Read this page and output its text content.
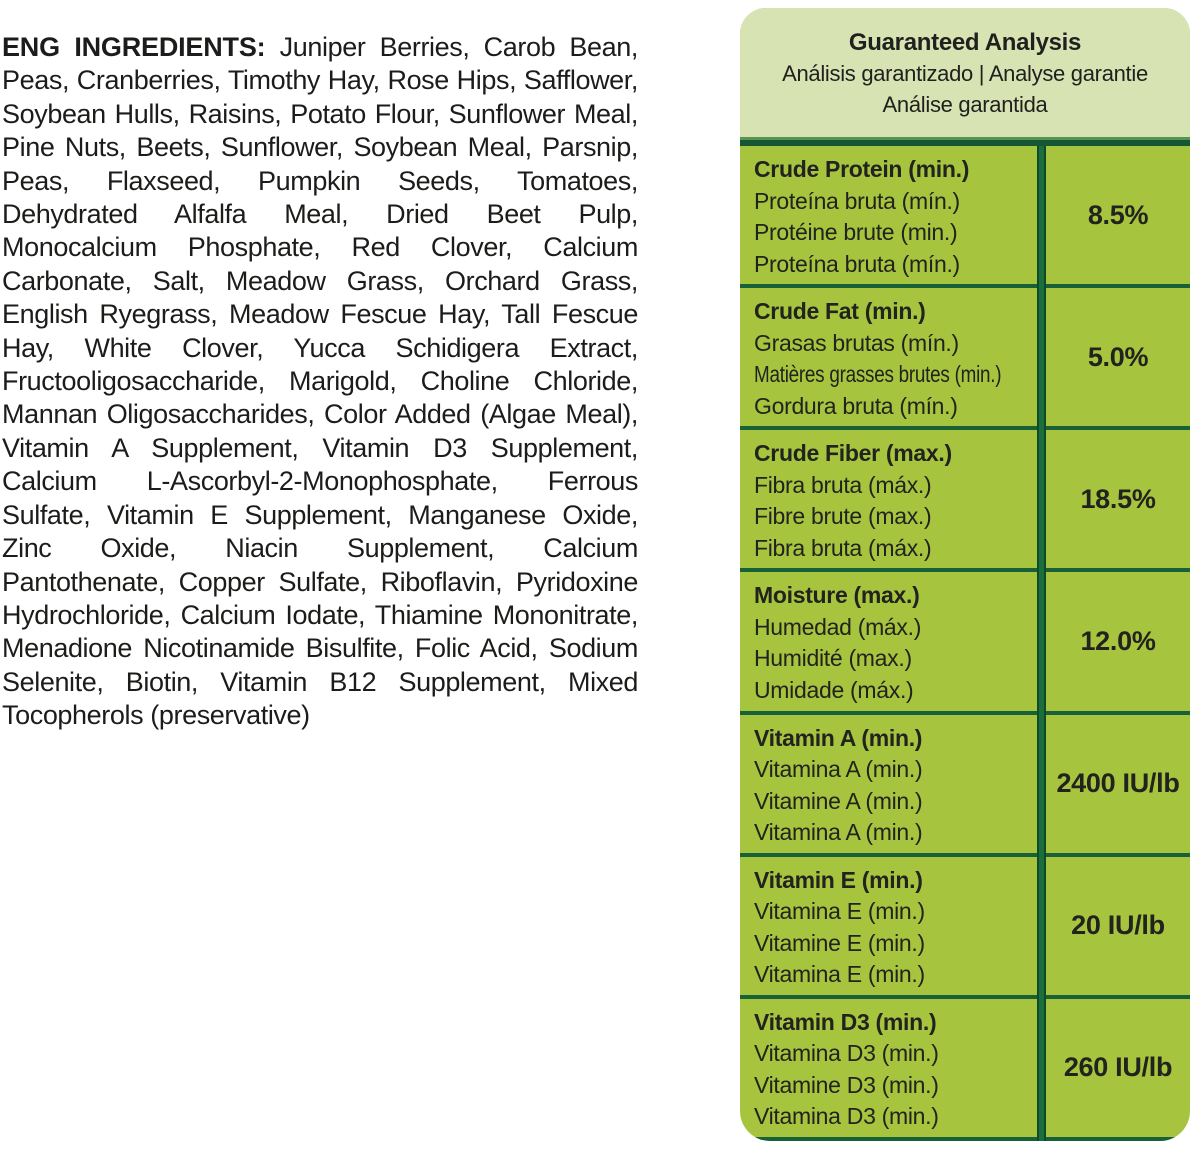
ENG INGREDIENTS: Juniper Berries, Carob Bean, Peas, Cranberries, Timothy Hay, Rose Hips, Safflower, Soybean Hulls, Raisins, Potato Flour, Sunflower Meal, Pine Nuts, Beets, Sunflower, Soybean Meal, Parsnip, Peas, Flaxseed, Pumpkin Seeds, Tomatoes, Dehydrated Alfalfa Meal, Dried Beet Pulp, Monocalcium Phosphate, Red Clover, Calcium Carbonate, Salt, Meadow Grass, Orchard Grass, English Ryegrass, Meadow Fescue Hay, Tall Fescue Hay, White Clover, Yucca Schidigera Extract, Fructooligosaccharide, Marigold, Choline Chloride, Mannan Oligosaccharides, Color Added (Algae Meal), Vitamin A Supplement, Vitamin D3 Supplement, Calcium L-Ascorbyl-2-Monophosphate, Ferrous Sulfate, Vitamin E Supplement, Manganese Oxide, Zinc Oxide, Niacin Supplement, Calcium Pantothenate, Copper Sulfate, Riboflavin, Pyridoxine Hydrochloride, Calcium Iodate, Thiamine Mononitrate, Menadione Nicotinamide Bisulfite, Folic Acid, Sodium Selenite, Biotin, Vitamin B12 Supplement, Mixed Tocopherols (preservative)

Guaranteed Analysis
Análisis garantizado | Analyse garantie
Análise garantida
Crude Protein (min.)
Proteína bruta (mín.)
Protéine brute (min.)
Proteína bruta (mín.)
8.5%
Crude Fat (min.)
Grasas brutas (mín.)
Matières grasses brutes (min.)
Gordura bruta (mín.)
5.0%
Crude Fiber (max.)
Fibra bruta (máx.)
Fibre brute (max.)
Fibra bruta (máx.)
18.5%
Moisture (max.)
Humedad (máx.)
Humidité (max.)
Umidade (máx.)
12.0%
Vitamin A (min.)
Vitamina A (min.)
Vitamine A (min.)
Vitamina A (min.)
2400 IU/lb
Vitamin E (min.)
Vitamina E (min.)
Vitamine E (min.)
Vitamina E (min.)
20 IU/lb
Vitamin D3 (min.)
Vitamina D3 (min.)
Vitamine D3 (min.)
Vitamina D3 (min.)
260 IU/lb
